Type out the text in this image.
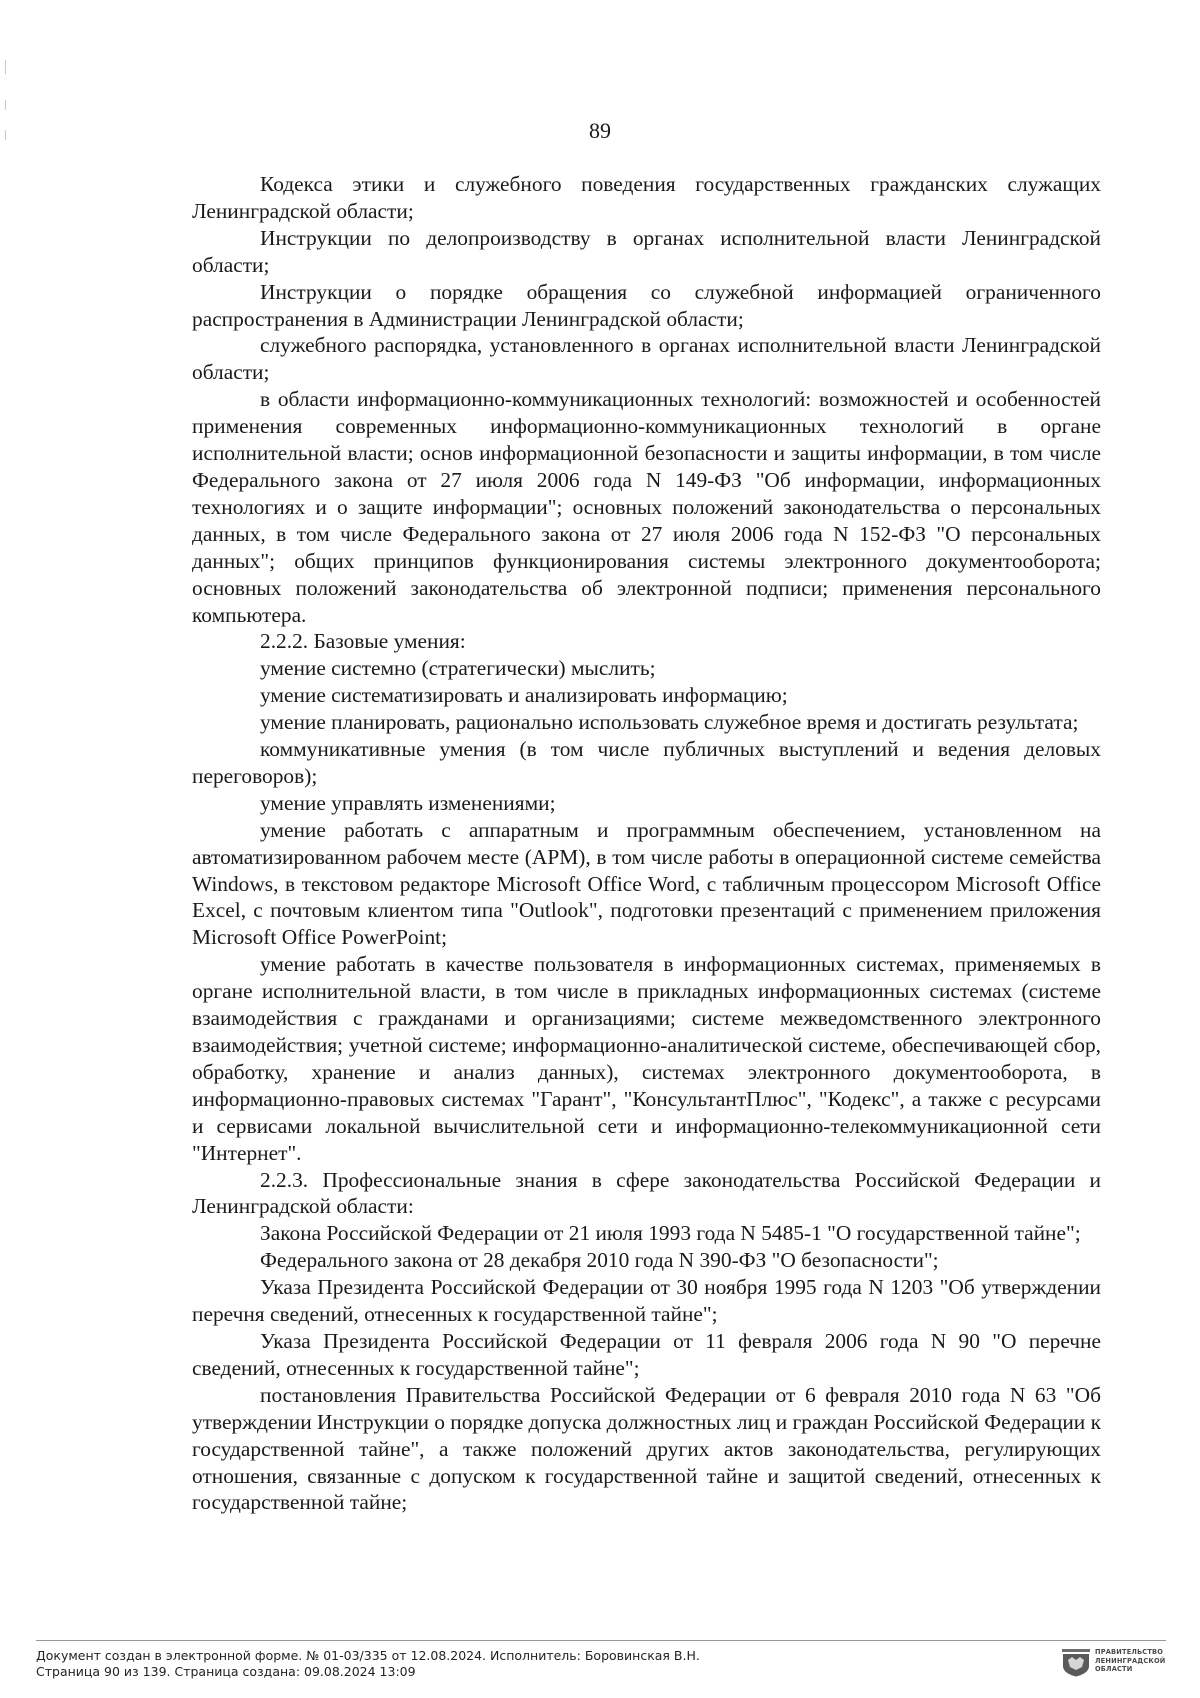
89

Кодекса этики и служебного поведения государственных гражданских служащих Ленинградской области;

Инструкции по делопроизводству в органах исполнительной власти Ленинградской области;

Инструкции о порядке обращения со служебной информацией ограниченного распространения в Администрации Ленинградской области;

служебного распорядка, установленного в органах исполнительной власти Ленинградской области;

в области информационно-коммуникационных технологий: возможностей и особенностей применения современных информационно-коммуникационных технологий в органе исполнительной власти; основ информационной безопасности и защиты информации, в том числе Федерального закона от 27 июля 2006 года N 149-ФЗ "Об информации, информационных технологиях и о защите информации"; основных положений законодательства о персональных данных, в том числе Федерального закона от 27 июля 2006 года N 152-ФЗ "О персональных данных"; общих принципов функционирования системы электронного документооборота; основных положений законодательства об электронной подписи; применения персонального компьютера.

2.2.2. Базовые умения:

умение системно (стратегически) мыслить;

умение систематизировать и анализировать информацию;

умение планировать, рационально использовать служебное время и достигать результата;

коммуникативные умения (в том числе публичных выступлений и ведения деловых переговоров);

умение управлять изменениями;

умение работать с аппаратным и программным обеспечением, установленном на автоматизированном рабочем месте (АРМ), в том числе работы в операционной системе семейства Windows, в текстовом редакторе Microsoft Office Word, с табличным процессором Microsoft Office Excel, с почтовым клиентом типа "Outlook", подготовки презентаций с применением приложения Microsoft Office PowerPoint;

умение работать в качестве пользователя в информационных системах, применяемых в органе исполнительной власти, в том числе в прикладных информационных системах (системе взаимодействия с гражданами и организациями; системе межведомственного электронного взаимодействия; учетной системе; информационно-аналитической системе, обеспечивающей сбор, обработку, хранение и анализ данных), системах электронного документооборота, в информационно-правовых системах "Гарант", "КонсультантПлюс", "Кодекс", а также с ресурсами и сервисами локальной вычислительной сети и информационно-телекоммуникационной сети "Интернет".

2.2.3. Профессиональные знания в сфере законодательства Российской Федерации и Ленинградской области:

Закона Российской Федерации от 21 июля 1993 года N 5485-1 "О государственной тайне";

Федерального закона от 28 декабря 2010 года N 390-ФЗ "О безопасности";

Указа Президента Российской Федерации от 30 ноября 1995 года N 1203 "Об утверждении перечня сведений, отнесенных к государственной тайне";

Указа Президента Российской Федерации от 11 февраля 2006 года N 90 "О перечне сведений, отнесенных к государственной тайне";

постановления Правительства Российской Федерации от 6 февраля 2010 года N 63 "Об утверждении Инструкции о порядке допуска должностных лиц и граждан Российской Федерации к государственной тайне", а также положений других актов законодательства, регулирующих отношения, связанные с допуском к государственной тайне и защитой сведений, отнесенных к государственной тайне;

Документ создан в электронной форме. № 01-03/335 от 12.08.2024. Исполнитель: Боровинская В.Н.
Страница 90 из 139. Страница создана: 09.08.2024 13:09
ПРАВИТЕЛЬСТВО
ЛЕНИНГРАДСКОЙ
ОБЛАСТИ
